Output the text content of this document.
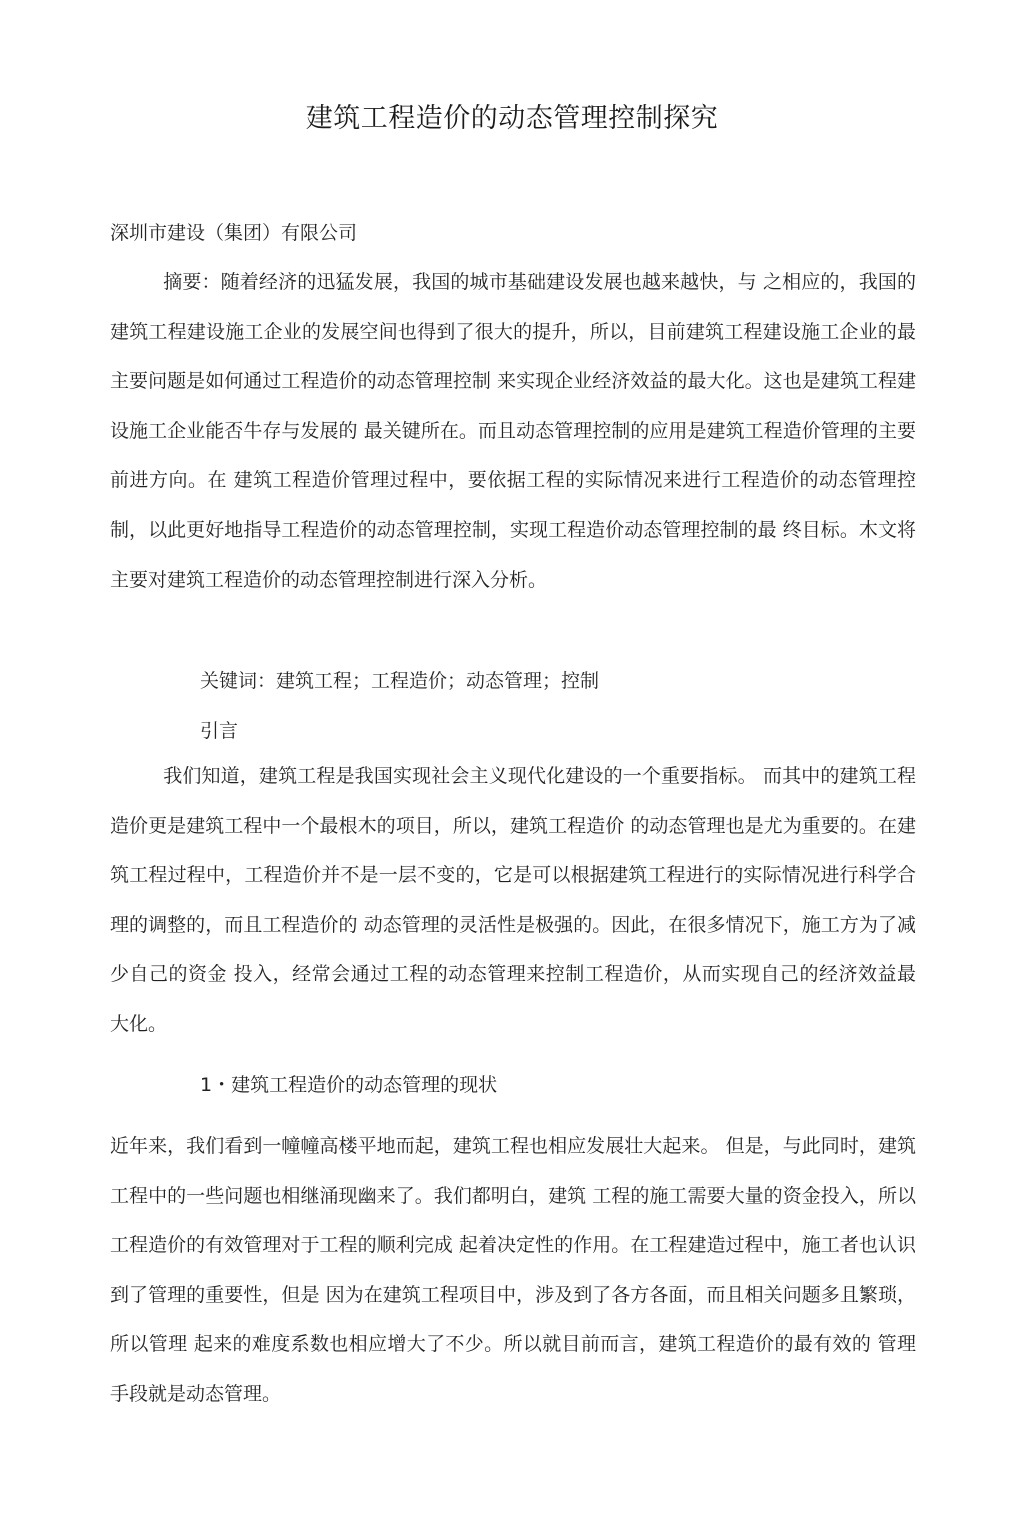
建筑工程造价的动态管理控制探究

深圳市建设（集团）有限公司

摘要：随着经济的迅猛发展，我国的城市基础建设发展也越来越快，与 之相应的，我国的建筑工程建设施工企业的发展空间也得到了很大的提升，所以，目前建筑工程建设施工企业的最主要问题是如何通过工程造价的动态管理控制 来实现企业经济效益的最大化。这也是建筑工程建设施工企业能否牛存与发展的 最关键所在。而且动态管理控制的应用是建筑工程造价管理的主要前进方向。在 建筑工程造价管理过程中，要依据工程的实际情况来进行工程造价的动态管理控 制，以此更好地指导工程造价的动态管理控制，实现工程造价动态管理控制的最 终目标。木文将主要对建筑工程造价的动态管理控制进行深入分析。

关键词：建筑工程；工程造价；动态管理；控制

引言

我们知道，建筑工程是我国实现社会主义现代化建设的一个重要指标。 而其中的建筑工程造价更是建筑工程中一个最根木的项目，所以，建筑工程造价 的动态管理也是尤为重要的。在建筑工程过程中，工程造价并不是一层不变的，它是可以根据建筑工程进行的实际情况进行科学合理的调整的，而且工程造价的 动态管理的灵活性是极强的。因此，在很多情况下，施工方为了减少自己的资金 投入，经常会通过工程的动态管理来控制工程造价，从而实现自己的经济效益最 大化。

1・建筑工程造价的动态管理的现状

近年来，我们看到一幢幢高楼平地而起，建筑工程也相应发展壮大起来。 但是，与此同时，建筑工程中的一些问题也相继涌现幽来了。我们都明白，建筑 工程的施工需要大量的资金投入，所以工程造价的有效管理对于工程的顺利完成 起着决定性的作用。在工程建造过程中，施工者也认识到了管理的重要性，但是 因为在建筑工程项目中，涉及到了各方各面，而且相关问题多且繁琐，所以管理 起来的难度系数也相应增大了不少。所以就目前而言，建筑工程造价的最有效的 管理手段就是动态管理。
